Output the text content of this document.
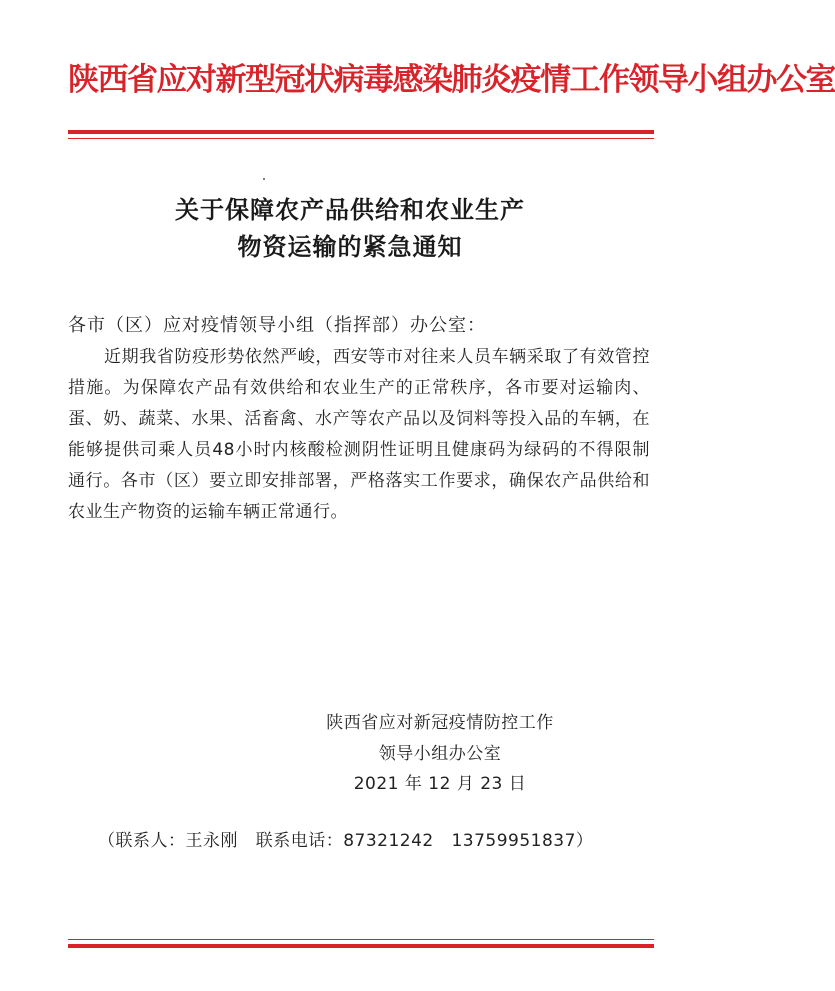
陕西省应对新型冠状病毒感染肺炎疫情工作领导小组办公室
关于保障农产品供给和农业生产
物资运输的紧急通知
各市（区）应对疫情领导小组（指挥部）办公室：
近期我省防疫形势依然严峻，西安等市对往来人员车辆采取了有效管控措施。为保障农产品有效供给和农业生产的正常秩序，各市要对运输肉、蛋、奶、蔬菜、水果、活畜禽、水产等农产品以及饲料等投入品的车辆，在能够提供司乘人员48小时内核酸检测阴性证明且健康码为绿码的不得限制通行。各市（区）要立即安排部署，严格落实工作要求，确保农产品供给和农业生产物资的运输车辆正常通行。
陕西省应对新冠疫情防控工作
领导小组办公室
2021 年 12 月 23 日
（联系人：王永刚   联系电话：87321242   13759951837）
